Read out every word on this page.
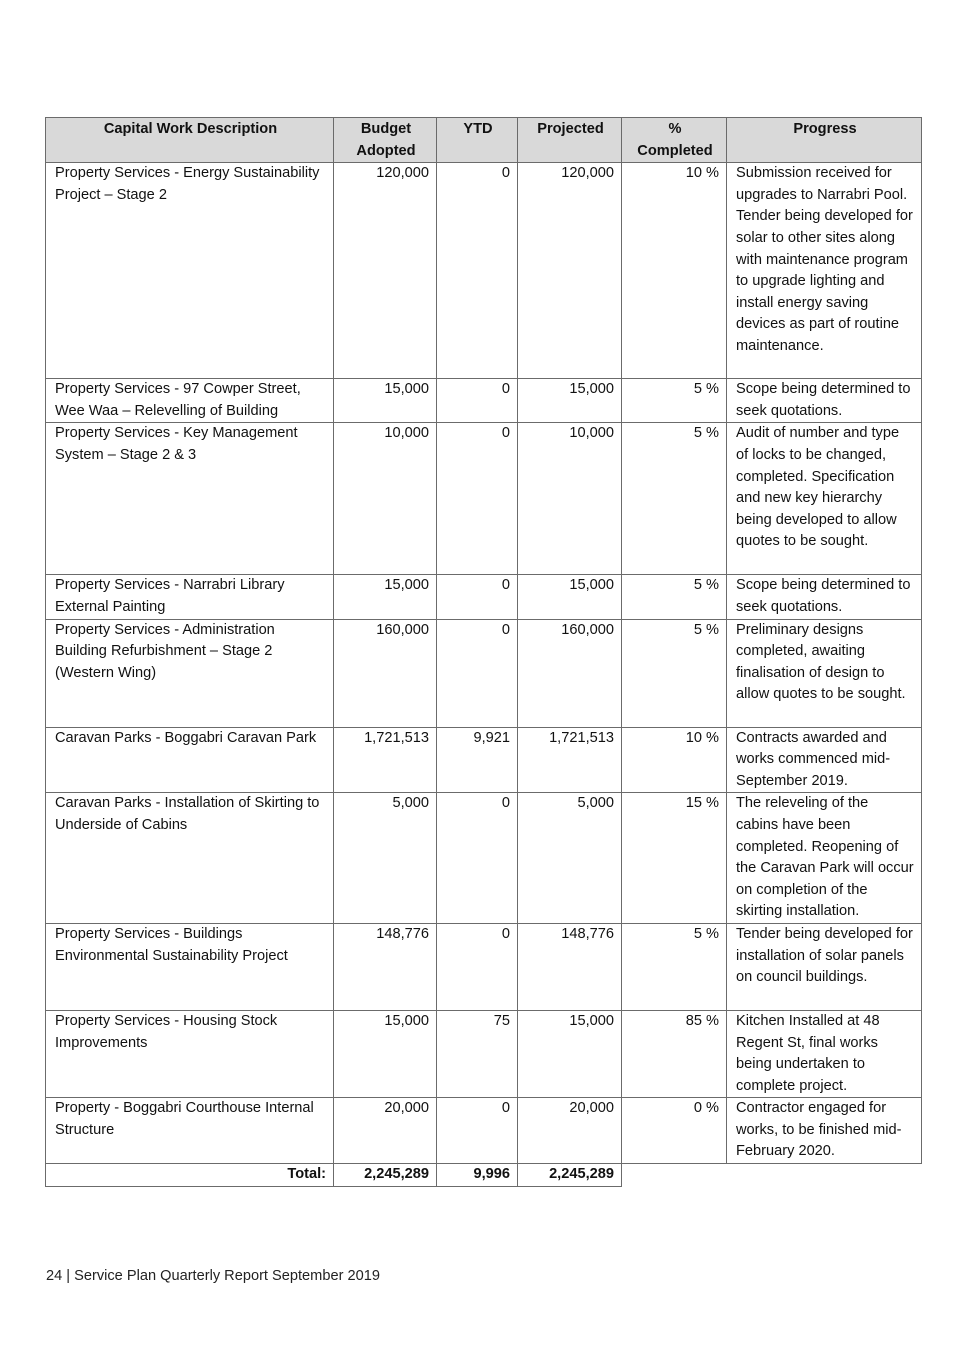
Capital Work Description	Budget Adopted	YTD	Projected	% Completed	Progress
Property Services - Energy Sustainability Project – Stage 2	120,000	0	120,000	10 %	Submission received for upgrades to Narrabri Pool. Tender being developed for solar to other sites along with maintenance program to upgrade lighting and install energy saving devices as part of routine maintenance.
Property Services - 97 Cowper Street, Wee Waa – Relevelling of Building	15,000	0	15,000	5 %	Scope being determined to seek quotations.
Property Services - Key Management System – Stage 2 & 3	10,000	0	10,000	5 %	Audit of number and type of locks to be changed, completed. Specification and new key hierarchy being developed to allow quotes to be sought.
Property Services - Narrabri Library External Painting	15,000	0	15,000	5 %	Scope being determined to seek quotations.
Property Services - Administration Building Refurbishment – Stage 2 (Western Wing)	160,000	0	160,000	5 %	Preliminary designs completed, awaiting finalisation of design to allow quotes to be sought.
Caravan Parks - Boggabri Caravan Park	1,721,513	9,921	1,721,513	10 %	Contracts awarded and works commenced mid-September 2019.
Caravan Parks - Installation of Skirting to Underside of Cabins	5,000	0	5,000	15 %	The releveling of the cabins have been completed. Reopening of the Caravan Park will occur on completion of the skirting installation.
Property Services - Buildings Environmental Sustainability Project	148,776	0	148,776	5 %	Tender being developed for installation of solar panels on council buildings.
Property Services - Housing Stock Improvements	15,000	75	15,000	85 %	Kitchen Installed at 48 Regent St, final works being undertaken to complete project.
Property - Boggabri Courthouse Internal Structure	20,000	0	20,000	0 %	Contractor engaged for works, to be finished mid-February 2020.
Total:	2,245,289	9,996	2,245,289		
24 | Service Plan Quarterly Report September 2019
